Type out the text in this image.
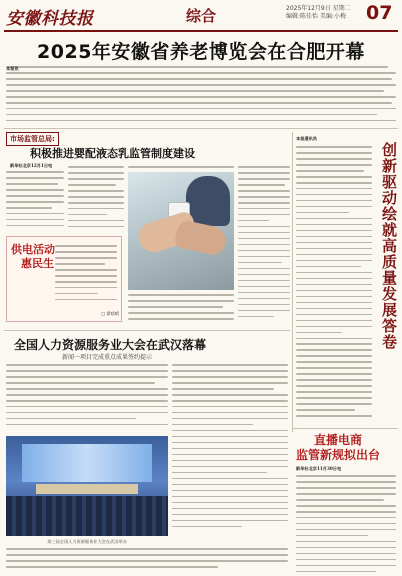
安徽科技报	综合	2025年12月9日 星期二
编辑:陈佳怡 美编:小梅 07
2025年安徽省养老博览会在合肥开幕
本报讯
市场监管总局:
积极推进婴配液态乳监管制度建设
新华社北京12月1日电
供电活动
惠民生
□ 翟晴晴
全国人力资源服务业大会在武汉落幕
新闻一项目完成重点成果签约提示
第三届全国人力资源服务业大会在武汉举办
本报通讯员
创新驱动绘就高质量发展答卷
直播电商
监管新规拟出台
新华社北京11月30日电
